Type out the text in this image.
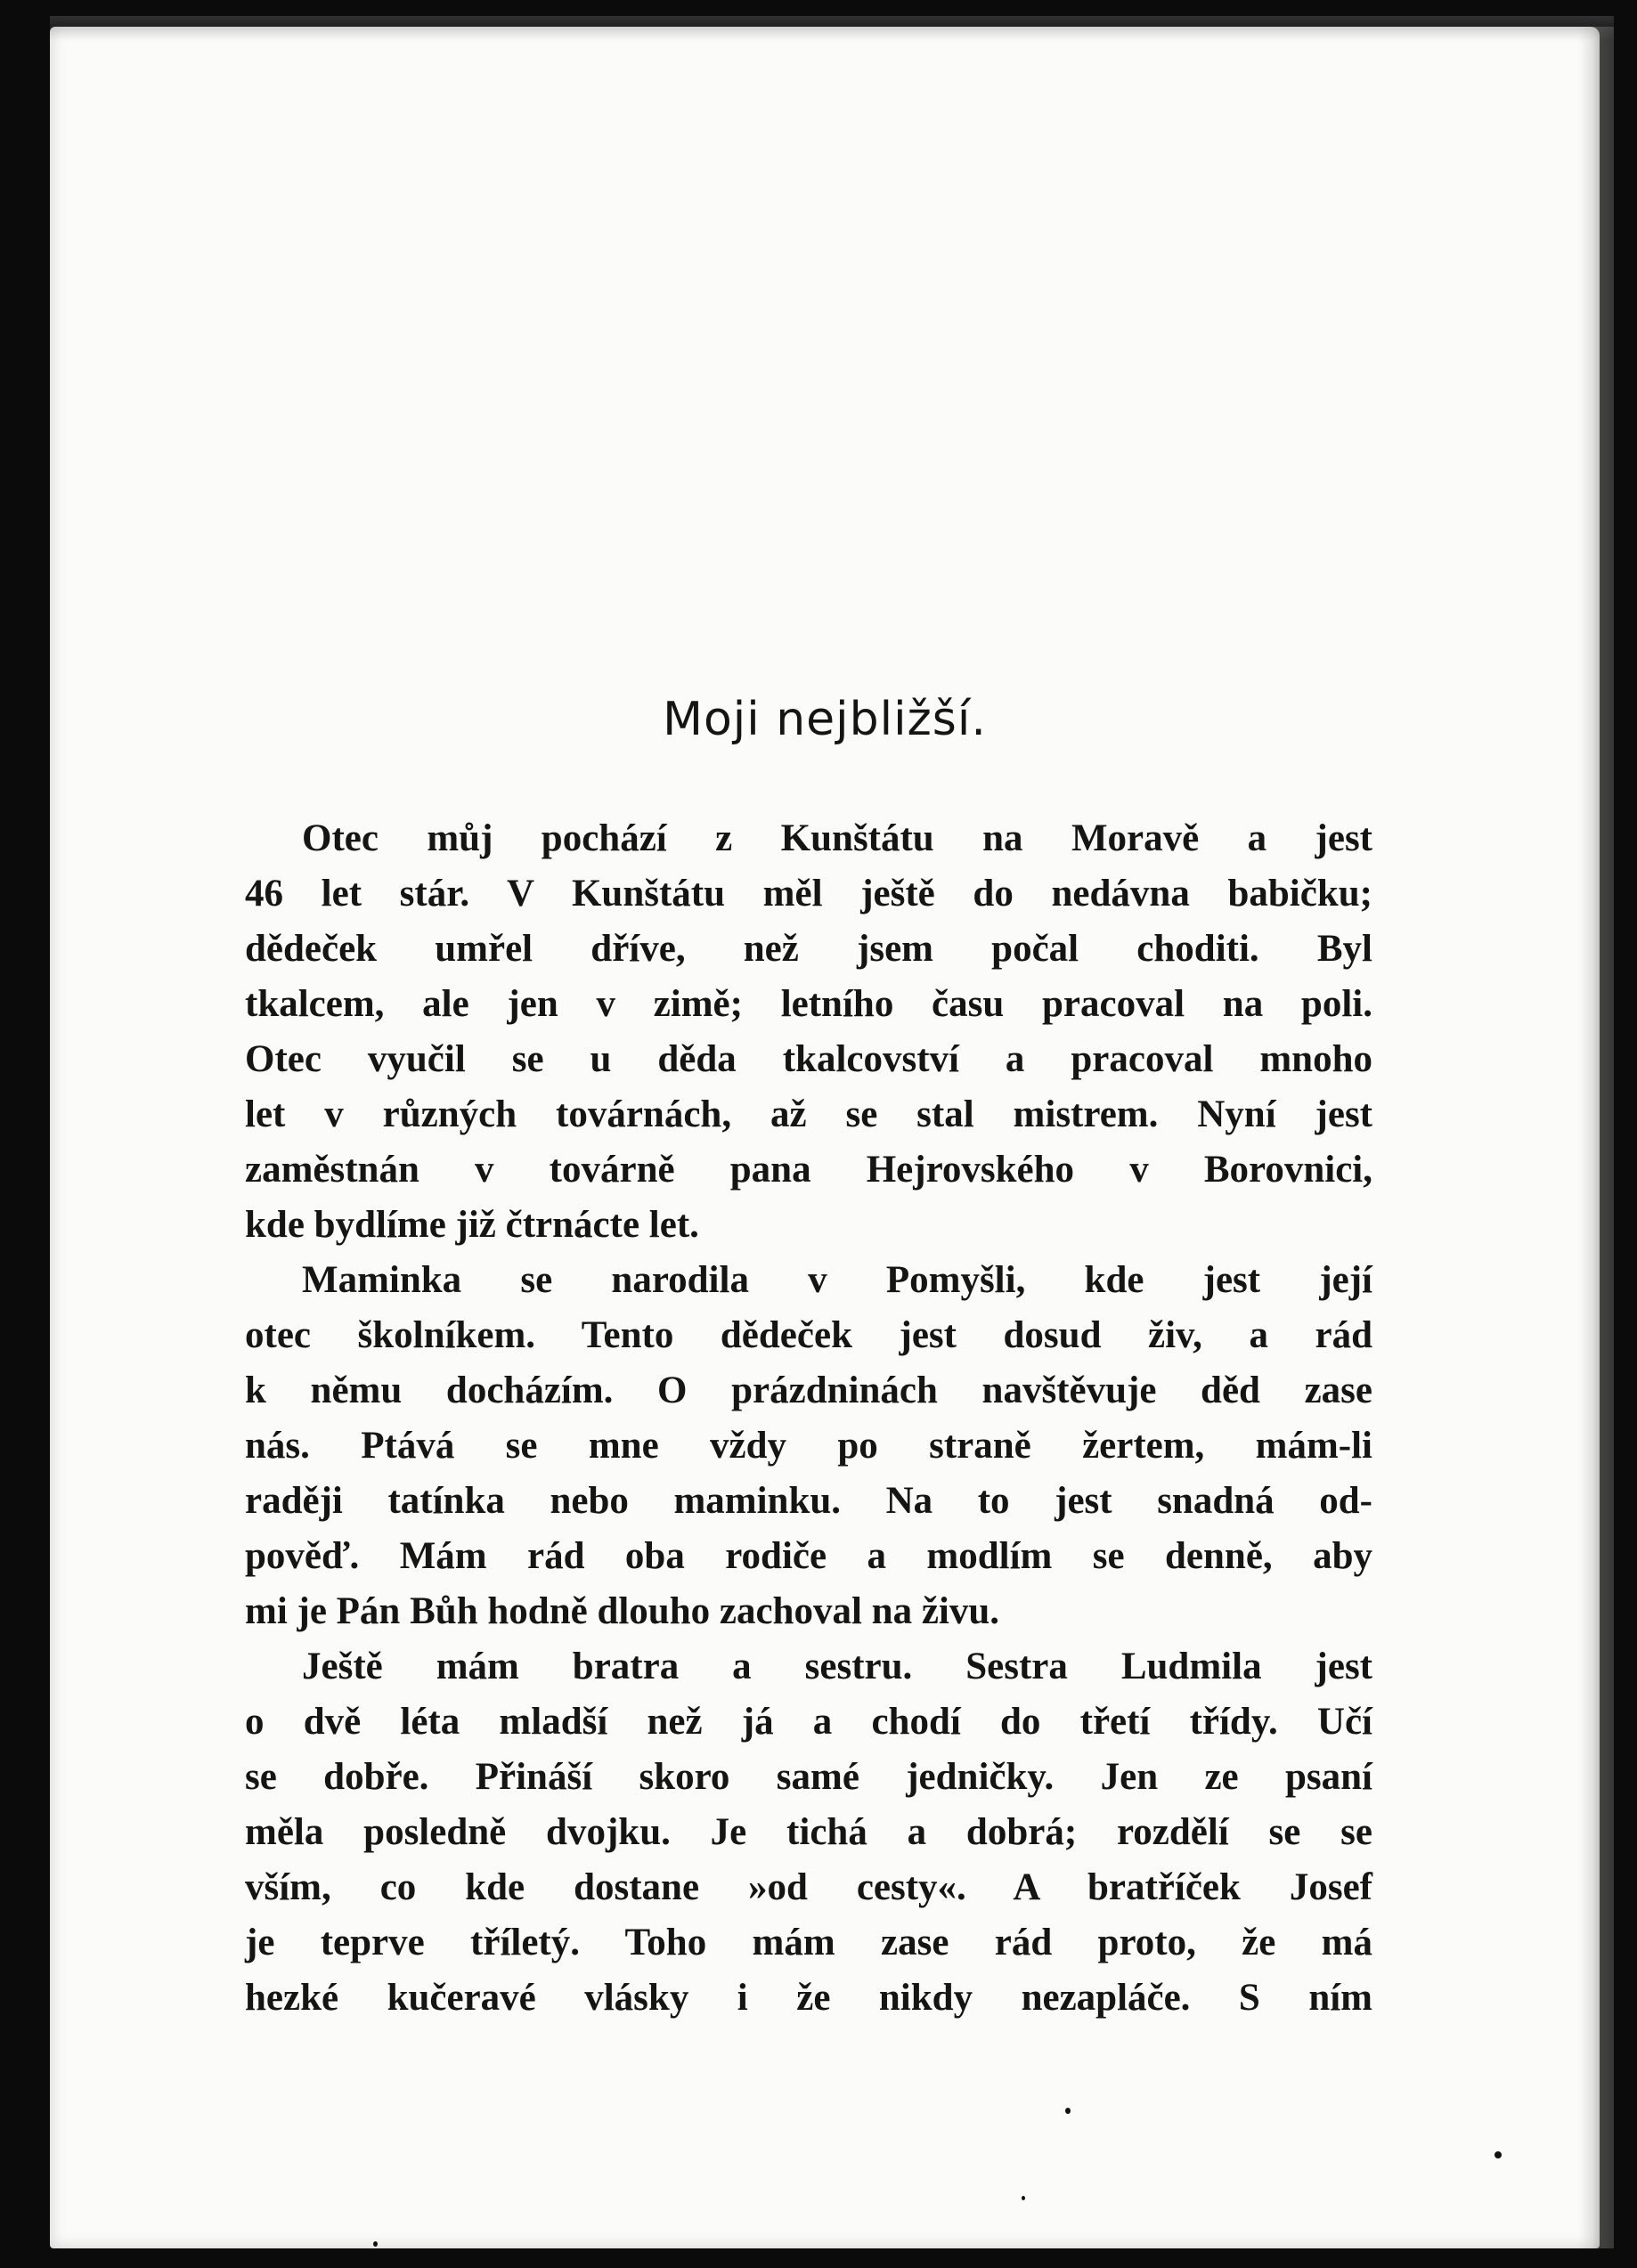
Moji nejbližší.
Otec můj pochází z Kunštátu na Moravě a jest
46 let stár. V Kunštátu měl ještě do nedávna babičku;
dědeček umřel dříve, než jsem počal choditi. Byl
tkalcem, ale jen v zimě; letního času pracoval na poli.
Otec vyučil se u děda tkalcovství a pracoval mnoho
let v různých továrnách, až se stal mistrem. Nyní jest
zaměstnán v továrně pana Hejrovského v Borovnici,
kde bydlíme již čtrnácte let.
Maminka se narodila v Pomyšli, kde jest její
otec školníkem. Tento dědeček jest dosud živ, a rád
k němu docházím. O prázdninách navštěvuje děd zase
nás. Ptává se mne vždy po straně žertem, mám-li
raději tatínka nebo maminku. Na to jest snadná od-
pověď. Mám rád oba rodiče a modlím se denně, aby
mi je Pán Bůh hodně dlouho zachoval na živu.
Ještě mám bratra a sestru. Sestra Ludmila jest
o dvě léta mladší než já a chodí do třetí třídy. Učí
se dobře. Přináší skoro samé jedničky. Jen ze psaní
měla posledně dvojku. Je tichá a dobrá; rozdělí se se
vším, co kde dostane »od cesty«. A bratříček Josef
je teprve tříletý. Toho mám zase rád proto, že má
hezké kučeravé vlásky i že nikdy nezapláče. S ním
